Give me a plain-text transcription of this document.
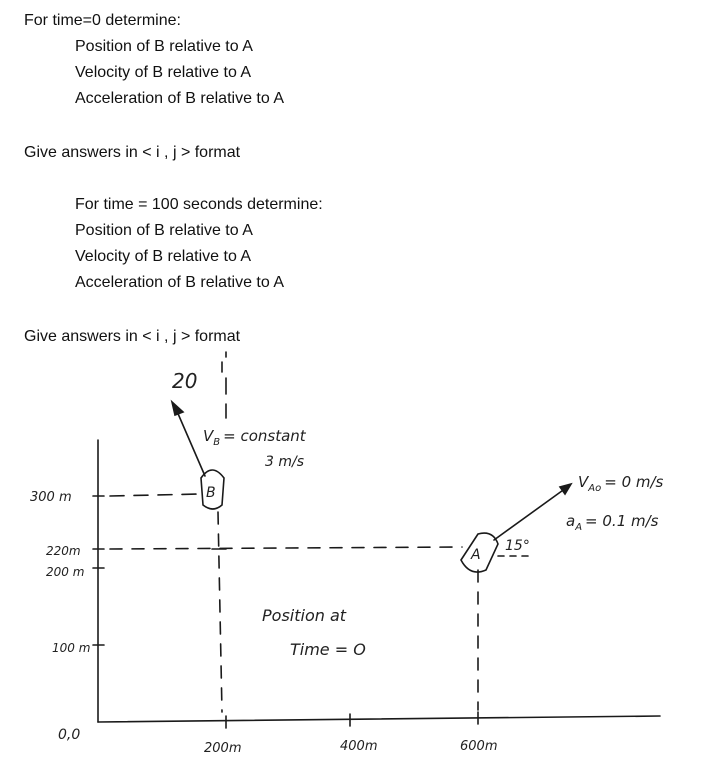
For time=0 determine:
Position of B relative to A
Velocity of B relative to A
Acceleration of B relative to A
Give answers in < i , j > format
For time = 100 seconds determine:
Position of B relative to A
Velocity of B relative to A
Acceleration of B relative to A
Give answers in < i , j > format
20
$V_B$ = constant
3 m/s
B
A
15°
$V_{Ao} = 0$ m/s
$a_A = 0.1$ m/s
Position at
Time = O
300 m
220m
200 m
100 m
0,0
200m	400m	600m
